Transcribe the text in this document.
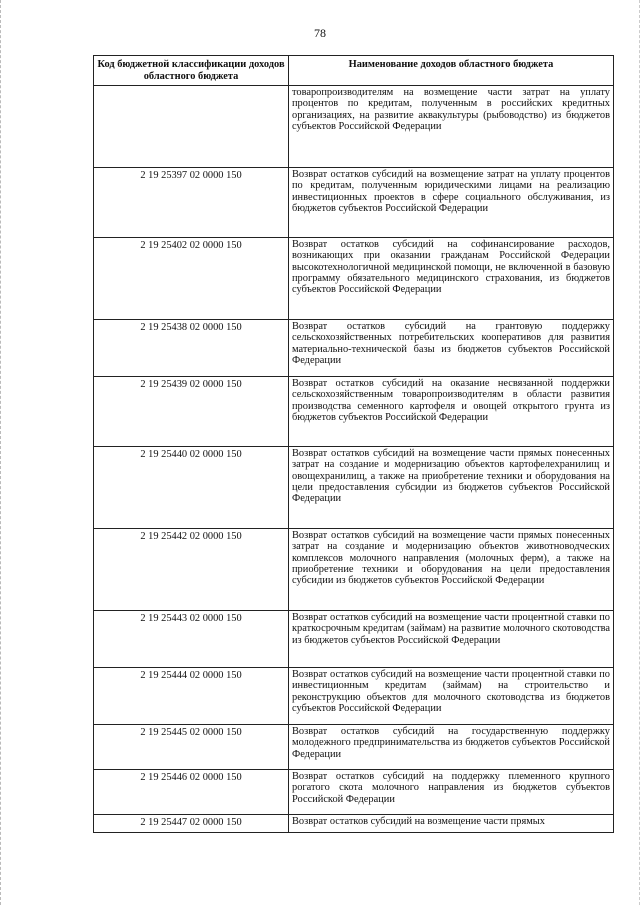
78
Код бюджетной классификации доходов областного бюджета	Наименование доходов областного бюджета
	товаропроизводителям на возмещение части затрат на уплату процентов по кредитам, полученным в российских кредитных организациях, на развитие аквакультуры (рыбоводство) из бюджетов субъектов Российской Федерации
2 19 25397 02 0000 150	Возврат остатков субсидий на возмещение затрат на уплату процентов по кредитам, полученным юридическими лицами на реализацию инвестиционных проектов в сфере социального обслуживания, из бюджетов субъектов Российской Федерации
2 19 25402 02 0000 150	Возврат остатков субсидий на софинансирование расходов, возникающих при оказании гражданам Российской Федерации высокотехнологичной медицинской помощи, не включенной в базовую программу обязательного медицинского страхования, из бюджетов субъектов Российской Федерации
2 19 25438 02 0000 150	Возврат остатков субсидий на грантовую поддержку сельскохозяйственных потребительских кооперативов для развития материально-технической базы из бюджетов субъектов Российской Федерации
2 19 25439 02 0000 150	Возврат остатков субсидий на оказание несвязанной поддержки сельскохозяйственным товаропроизводителям в области развития производства семенного картофеля и овощей открытого грунта из бюджетов субъектов Российской Федерации
2 19 25440 02 0000 150	Возврат остатков субсидий на возмещение части прямых понесенных затрат на создание и модернизацию объектов картофелехранилищ и овощехранилищ, а также на приобретение техники и оборудования на цели предоставления субсидии из бюджетов субъектов Российской Федерации
2 19 25442 02 0000 150	Возврат остатков субсидий на возмещение части прямых понесенных затрат на создание и модернизацию объектов животноводческих комплексов молочного направления (молочных ферм), а также на приобретение техники и оборудования на цели предоставления субсидии из бюджетов субъектов Российской Федерации
2 19 25443 02 0000 150	Возврат остатков субсидий на возмещение части процентной ставки по краткосрочным кредитам (займам) на развитие молочного скотоводства из бюджетов субъектов Российской Федерации
2 19 25444 02 0000 150	Возврат остатков субсидий на возмещение части процентной ставки по инвестиционным кредитам (займам) на строительство и реконструкцию объектов для молочного скотоводства из бюджетов субъектов Российской Федерации
2 19 25445 02 0000 150	Возврат остатков субсидий на государственную поддержку молодежного предпринимательства из бюджетов субъектов Российской Федерации
2 19 25446 02 0000 150	Возврат остатков субсидий на поддержку племенного крупного рогатого скота молочного направления из бюджетов субъектов Российской Федерации
2 19 25447 02 0000 150	Возврат остатков субсидий на возмещение части прямых
